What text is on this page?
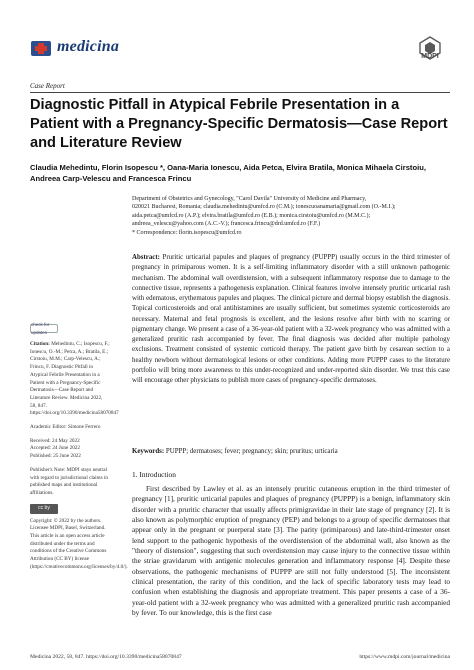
medicina
MDPI
Case Report
Diagnostic Pitfall in Atypical Febrile Presentation in a Patient with a Pregnancy-Specific Dermatosis—Case Report and Literature Review
Claudia Mehedintu, Florin Isopescu *, Oana-Maria Ionescu, Aida Petca, Elvira Bratila, Monica Mihaela Cirstoiu, Andreea Carp-Velescu and Francesca Frincu

Department of Obstetrics and Gynecology, "Carol Davila" University of Medicine and Pharmacy,

020021 Bucharest, Romania; claudia.mehedintu@umfcd.ro (C.M.); ionescuoanamaria@gmail.com (O.-M.I.);

aida.petca@umfcd.ro (A.P.); elvira.bratila@umfcd.ro (E.B.); monica.cirstoiu@umfcd.ro (M.M.C.);

andreea_velescu@yahoo.com (A.C.-V.); francesca.frincu@drd.umfcd.ro (F.F.)

* Correspondence: florin.isopescu@umfcd.ro

Abstract: Pruritic urticarial papules and plaques of pregnancy (PUPPP) usually occurs in the third trimester of pregnancy in primiparous women. It is a self-limiting inflammatory disorder with a still unknown pathogenic mechanism. The abdominal wall overdistension, with a subsequent inflammatory response due to damage to the connective tissue, represents a pathogenesis explanation. Clinical features involve intensely pruritic urticarial rash with edematous, erythematous papules and plaques. The clinical picture and dermal biopsy establish the diagnosis. Topical corticosteroids and oral antihistamines are usually sufficient, but sometimes systemic corticosteroids are necessary. Maternal and fetal prognosis is excellent, and the lesions resolve after birth with no scarring or pigmentary change. We present a case of a 36-year-old patient with a 32-week pregnancy who was admitted with a generalized pruritic rash accompanied by fever. The final diagnosis was decided after multiple pathology exclusions. Treatment consisted of systemic corticoid therapy. The patient gave birth by cesarean section to a healthy newborn without dermatological lesions or other conditions. Adding more PUPPP cases to the literature portfolio will bring more awareness to this under-recognized and under-reported skin disorder. We trust this case will encourage other physicians to publish more cases of pregnancy-specific dermatoses.
Keywords: PUPPP; dermatoses; fever; pregnancy; skin; pruritus; urticaria
1. Introduction
First described by Lawley et al. as an intensely pruritic cutaneous eruption in the third trimester of pregnancy [1], pruritic urticarial papules and plaques of pregnancy (PUPPP) is a benign, inflammatory skin disorder with a pruritic character that usually affects primigravidae in their late stage of pregnancy [2]. It is also known as polymorphic eruption of pregnancy (PEP) and belongs to a group of specific dermatoses that appear only in the pregnant or puerperal state [3]. The parity (primiparous) and late-third-trimester onset lend support to the pathogenic hypothesis of the overdistension of the abdominal wall, also known as the "theory of distension", suggesting that such overdistension may cause injury to the connective tissue within the striae gravidarum with antigenic molecules generation and inflammatory response [4]. Despite these observations, the pathogenic mechanisms of PUPPP are still not fully understood [5]. The inconsistent clinical presentation, the rarity of this condition, and the lack of specific laboratory tests may lead to confusion when establishing the diagnosis and appropriate treatment. This paper presents a case of a 36-year-old patient with a 32-week pregnancy who was admitted with a generalized pruritic rash accompanied by fever. To our knowledge, this is the first case
check for updates
Citation: Mehedintu, C.; Isopescu, F.; Ionescu, O.-M.; Petca, A.; Bratila, E.; Cirstoiu, M.M.; Carp-Velescu, A.; Frincu, F. Diagnostic Pitfall in Atypical Febrile Presentation in a Patient with a Pregnancy-Specific Dermatosis—Case Report and Literature Review. Medicina 2022, 58, 847. https://doi.org/10.3390/medicina58070847
Academic Editor: Simone Ferrero
Received: 24 May 2022
Accepted: 24 June 2022
Published: 25 June 2022
Publisher's Note: MDPI stays neutral with regard to jurisdictional claims in published maps and institutional affiliations.
cc by
Copyright: © 2022 by the authors. Licensee MDPI, Basel, Switzerland. This article is an open access article distributed under the terms and conditions of the Creative Commons Attribution (CC BY) license (https://creativecommons.org/licenses/by/4.0/).
Medicina 2022, 58, 847. https://doi.org/10.3390/medicina58070847	https://www.mdpi.com/journal/medicina
